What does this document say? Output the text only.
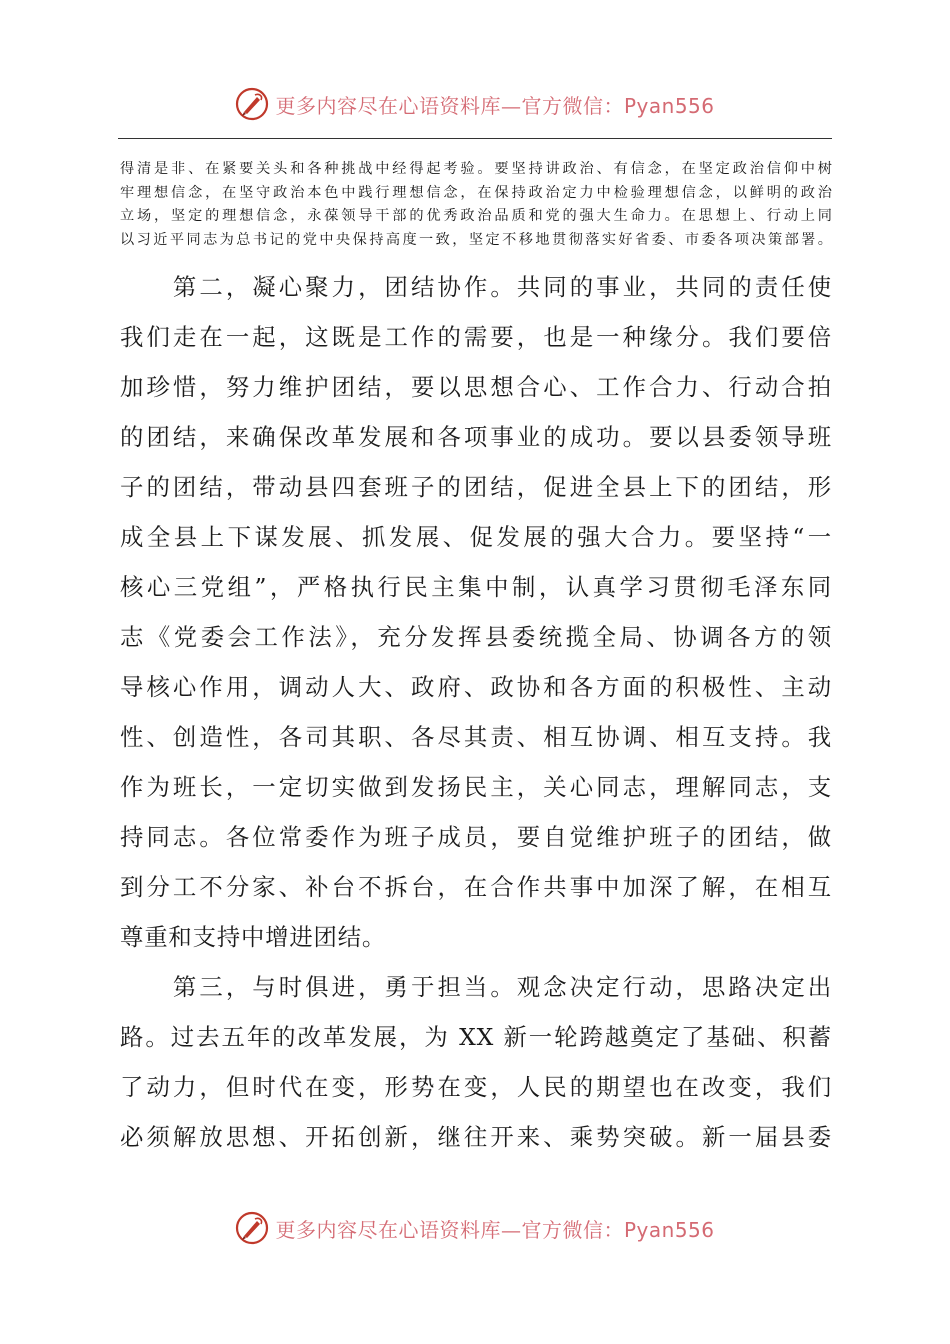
更多内容尽在心语资料库—官方微信：Pyan556
得清是非、在紧要关头和各种挑战中经得起考验。要坚持讲政治、有信念，在坚定政治信仰中树
牢理想信念，在坚守政治本色中践行理想信念，在保持政治定力中检验理想信念，以鲜明的政治
立场，坚定的理想信念，永葆领导干部的优秀政治品质和党的强大生命力。在思想上、行动上同
以习近平同志为总书记的党中央保持高度一致，坚定不移地贯彻落实好省委、市委各项决策部署。
　　第二，凝心聚力，团结协作。共同的事业，共同的责任使
我们走在一起，这既是工作的需要，也是一种缘分。我们要倍
加珍惜，努力维护团结，要以思想合心、工作合力、行动合拍
的团结，来确保改革发展和各项事业的成功。要以县委领导班
子的团结，带动县四套班子的团结，促进全县上下的团结，形
成全县上下谋发展、抓发展、促发展的强大合力。要坚持“一
核心三党组”，严格执行民主集中制，认真学习贯彻毛泽东同
志《党委会工作法》，充分发挥县委统揽全局、协调各方的领
导核心作用，调动人大、政府、政协和各方面的积极性、主动
性、创造性，各司其职、各尽其责、相互协调、相互支持。我
作为班长，一定切实做到发扬民主，关心同志，理解同志，支
持同志。各位常委作为班子成员，要自觉维护班子的团结，做
到分工不分家、补台不拆台，在合作共事中加深了解，在相互
尊重和支持中增进团结。
　　第三，与时俱进，勇于担当。观念决定行动，思路决定出
路。过去五年的改革发展，为 XX 新一轮跨越奠定了基础、积蓄
了动力，但时代在变，形势在变，人民的期望也在改变，我们
必须解放思想、开拓创新，继往开来、乘势突破。新一届县委
更多内容尽在心语资料库—官方微信：Pyan556
